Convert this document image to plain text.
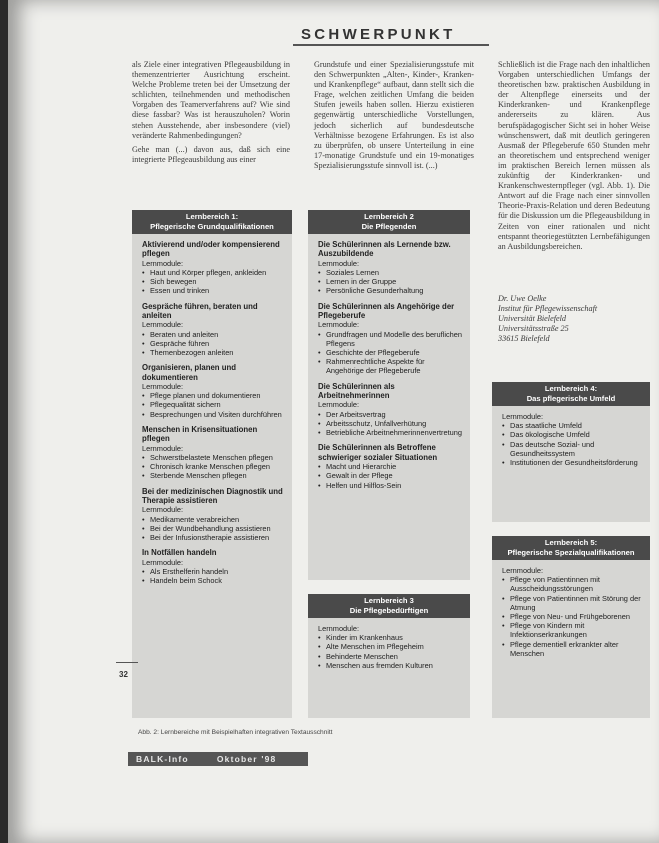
SCHWERPUNKT

als Ziele einer integrativen Pflegeausbildung in themenzentrierter Ausrichtung erscheint. Welche Probleme treten bei der Umsetzung der schlichten, teilnehmenden und methodischen Vorgaben des Teamerverfahrens auf? Wie sind diese fassbar? Was ist herauszuholen? Worin stehen Ausstehende, aber insbesondere (viel) veränderte Rahmenbedingungen?

Gehe man (...) davon aus, daß sich eine integrierte Pflegeausbildung aus einer

Grundstufe und einer Spezialisierungsstufe mit den Schwerpunkten „Alten-, Kinder-, Kranken- und Krankenpflege“ aufbaut, dann stellt sich die Frage, welchen zeitlichen Umfang die beiden Stufen jeweils haben sollen. Hierzu existieren gegenwärtig unterschiedliche Vorstellungen, jedoch sicherlich auf bundesdeutsche Verhältnisse bezogene Erfahrungen. Es ist also zu überprüfen, ob unsere Unterteilung in eine 17-monatige Grundstufe und ein 19-monatiges Spezialisierungsstufe sinnvoll ist. (...)

Schließlich ist die Frage nach den inhaltlichen Vorgaben unterschiedlichen Umfangs der theoretischen bzw. praktischen Ausbildung in der Altenpflege einerseits und der Kinderkranken- und Krankenpflege andererseits zu klären. Aus berufspädagogischer Sicht sei in hoher Weise wünschenswert, daß mit deutlich geringeren Ausmaß der Pflegeberufe 650 Stunden mehr an theoretischem und entsprechend weniger im praktischen Bereich lernen müssen als zukünftig der Kinderkranken- und Krankenschwesternpfleger (vgl. Abb. 1). Die Antwort auf die Frage nach einer sinnvollen Theorie-Praxis-Relation und deren Bedeutung für die Diskussion um die Pflegeausbildung in Zeiten von einer rationalen und nicht entspannt theoriegestützten Lernbefähigungen an Ausbildungsbereichen.

Dr. Uwe Oelke
Institut für Pflegewissenschaft
Universität Bielefeld
Universitätsstraße 25
33615 Bielefeld
Lernbereich 1:
Pflegerische Grundqualifikationen
Aktivierend und/oder kompensierend pflegen
Lernmodule:
• Haut und Körper pflegen, ankleiden
• Sich bewegen
• Essen und trinken
Gespräche führen, beraten und anleiten
Lernmodule:
• Beraten und anleiten
• Gespräche führen
• Themenbezogen anleiten
Organisieren, planen und dokumentieren
Lernmodule:
• Pflege planen und dokumentieren
• Pflegequalität sichern
• Besprechungen und Visiten durchführen
Menschen in Krisensituationen pflegen
Lernmodule:
• Schwerstbelastete Menschen pflegen
• Chronisch kranke Menschen pflegen
• Sterbende Menschen pflegen
Bei der medizinischen Diagnostik und Therapie assistieren
Lernmodule:
• Medikamente verabreichen
• Bei der Wundbehandlung assistieren
• Bei der Infusionstherapie assistieren
In Notfällen handeln
Lernmodule:
• Als Ersthelferin handeln
• Handeln beim Schock
Lernbereich 2
Die Pflegenden
Die Schülerinnen als Lernende bzw. Auszubildende
Lernmodule:
• Soziales Lernen
• Lernen in der Gruppe
• Persönliche Gesunderhaltung
Die Schülerinnen als Angehörige der Pflegeberufe
Lernmodule:
• Grundfragen und Modelle des beruflichen Pflegens
• Geschichte der Pflegeberufe
• Rahmenrechtliche Aspekte für Angehörige der Pflegeberufe
Die Schülerinnen als Arbeitnehmerinnen
Lernmodule:
• Der Arbeitsvertrag
• Arbeitsschutz, Unfallverhütung
• Betriebliche Arbeitnehmerinnenvertretung
Die Schülerinnen als Betroffene schwieriger sozialer Situationen
• Macht und Hierarchie
• Gewalt in der Pflege
• Helfen und Hilflos-Sein
Lernbereich 3
Die Pflegebedürftigen
Lernmodule:
• Kinder im Krankenhaus
• Alte Menschen im Pflegeheim
• Behinderte Menschen
• Menschen aus fremden Kulturen
Lernbereich 4:
Das pflegerische Umfeld
Lernmodule:
• Das staatliche Umfeld
• Das ökologische Umfeld
• Das deutsche Sozial- und Gesundheitssystem
• Institutionen der Gesundheitsförderung
Lernbereich 5:
Pflegerische Spezialqualifikationen
Lernmodule:
• Pflege von Patientinnen mit Ausscheidungsstörungen
• Pflege von Patientinnen mit Störung der Atmung
• Pflege von Neu- und Frühgeborenen
• Pflege von Kindern mit Infektionserkrankungen
• Pflege dementiell erkrankter alter Menschen
32
Abb. 2: Lernbereiche mit Beispielhaften integrativen Textausschnitt
BALK-Info	Oktober '98
